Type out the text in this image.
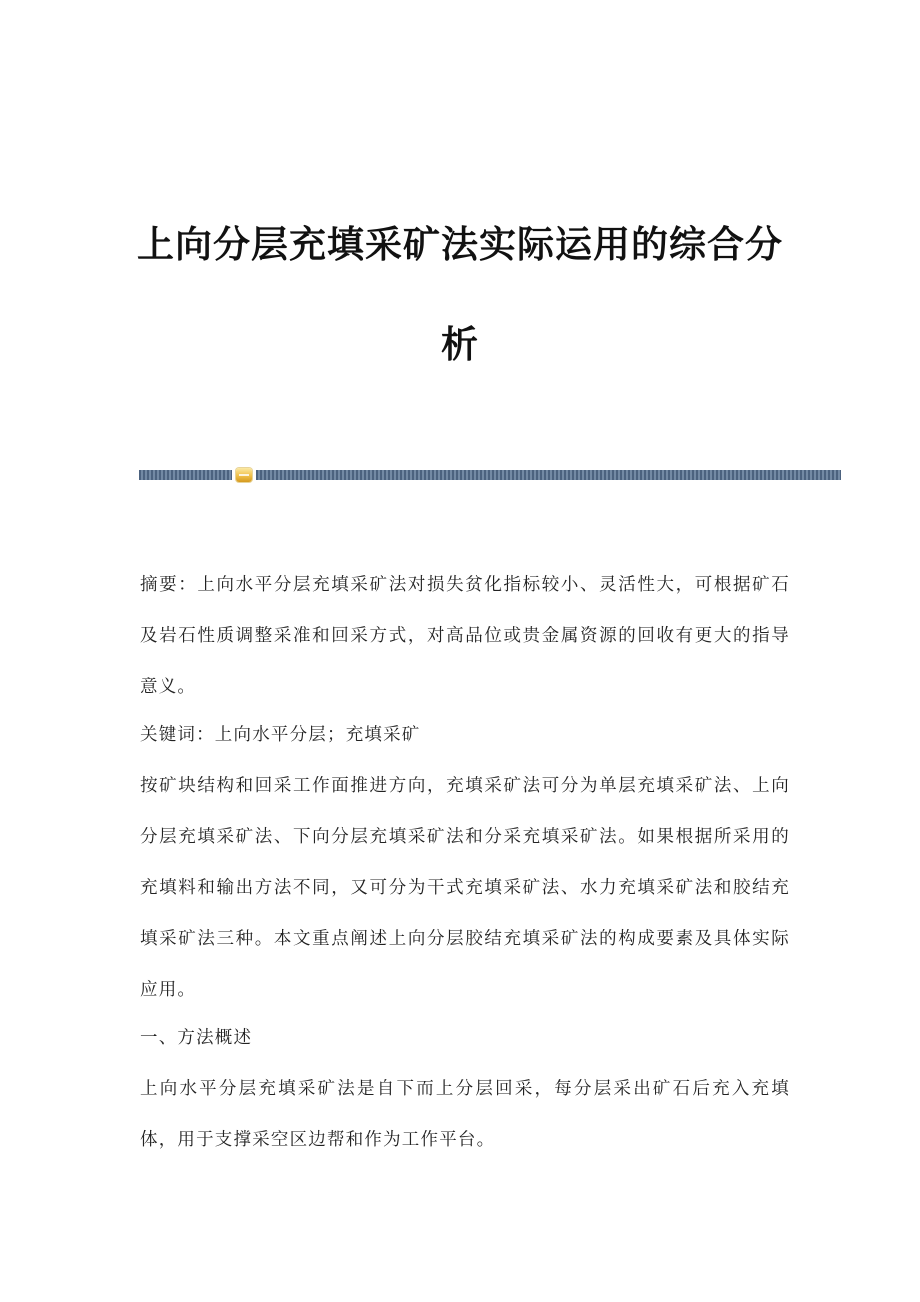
上向分层充填采矿法实际运用的综合分
析

摘要：上向水平分层充填采矿法对损失贫化指标较小、灵活性大，可根据矿石及岩石性质调整采准和回采方式，对高品位或贵金属资源的回收有更大的指导意义。

关键词：上向水平分层；充填采矿

按矿块结构和回采工作面推进方向，充填采矿法可分为单层充填采矿法、上向分层充填采矿法、下向分层充填采矿法和分采充填采矿法。如果根据所采用的充填料和输出方法不同，又可分为干式充填采矿法、水力充填采矿法和胶结充填采矿法三种。本文重点阐述上向分层胶结充填采矿法的构成要素及具体实际应用。

一、方法概述

上向水平分层充填采矿法是自下而上分层回采，每分层采出矿石后充入充填体，用于支撑采空区边帮和作为工作平台。
